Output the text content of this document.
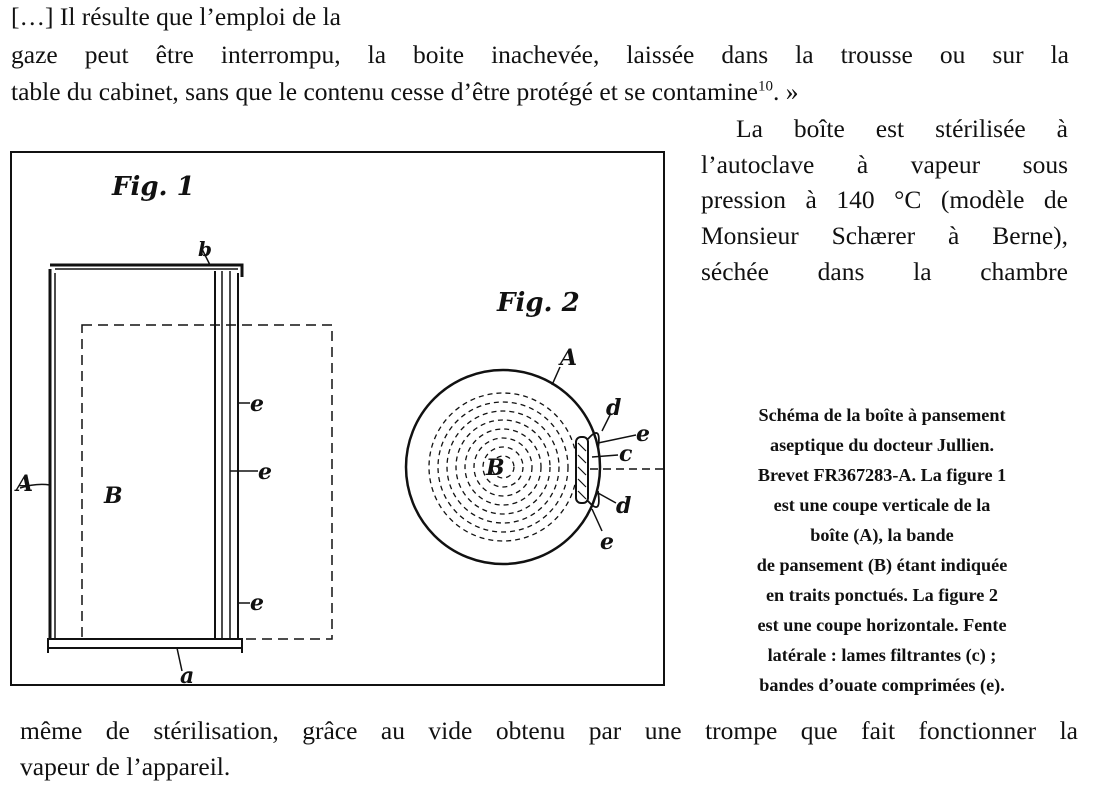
[…] Il résulte que l’emploi de la
gaze peut être interrompu, la boite inachevée, laissée dans la trousse ou sur la
table du cabinet, sans que le contenu cesse d’être protégé et se contamine$^{10}$. »
La boîte est stérilisée à
l’autoclave à vapeur sous
pression à 140 °C (modèle de
Monsieur Schærer à Berne),
séchée dans la chambre
Fig. 1
A	B
a
b
e
e
e
Fig. 2
A
B
d
e
c
d
e
Schéma de la boîte à pansement
aseptique du docteur Jullien.
Brevet FR367283-A. La figure 1
est une coupe verticale de la
boîte (A), la bande
de pansement (B) étant indiquée
en traits ponctués. La figure 2
est une coupe horizontale. Fente
latérale : lames filtrantes (c) ;
bandes d’ouate comprimées (e).
même de stérilisation, grâce au vide obtenu par une trompe que fait fonctionner la
vapeur de l’appareil.
